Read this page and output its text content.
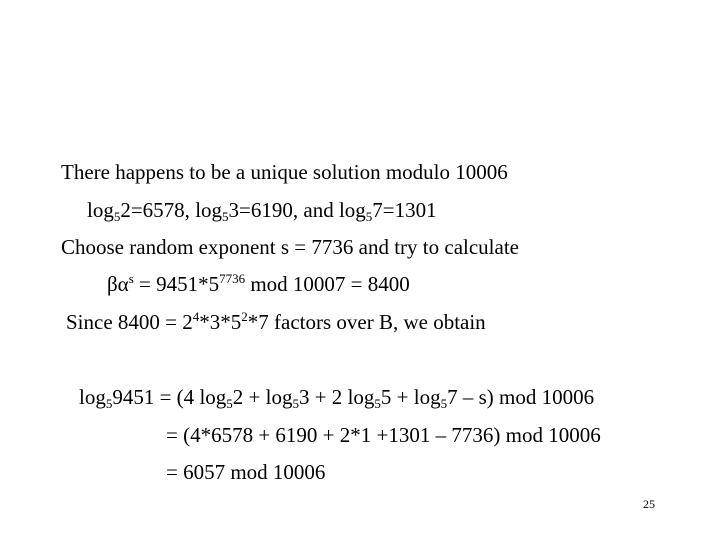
There happens to be a unique solution modulo 10006
$\log_52=6578$, $\log_53=6190$, and $\log_57=1301$
Choose random exponent s = 7736 and try to calculate
$\beta\alpha^s = 9451*5^{7736}$ mod 10007 = 8400
Since $8400 = 2^4*3*5^2*7$ factors over B, we obtain
$\log_59451 = (4$ $\log_52 + \log_53 + 2$ $\log_55 + \log_57 - s$) mod 10006
= (4*6578 + 6190 + 2*1 +1301 – 7736) mod 10006
= 6057 mod 10006
25
